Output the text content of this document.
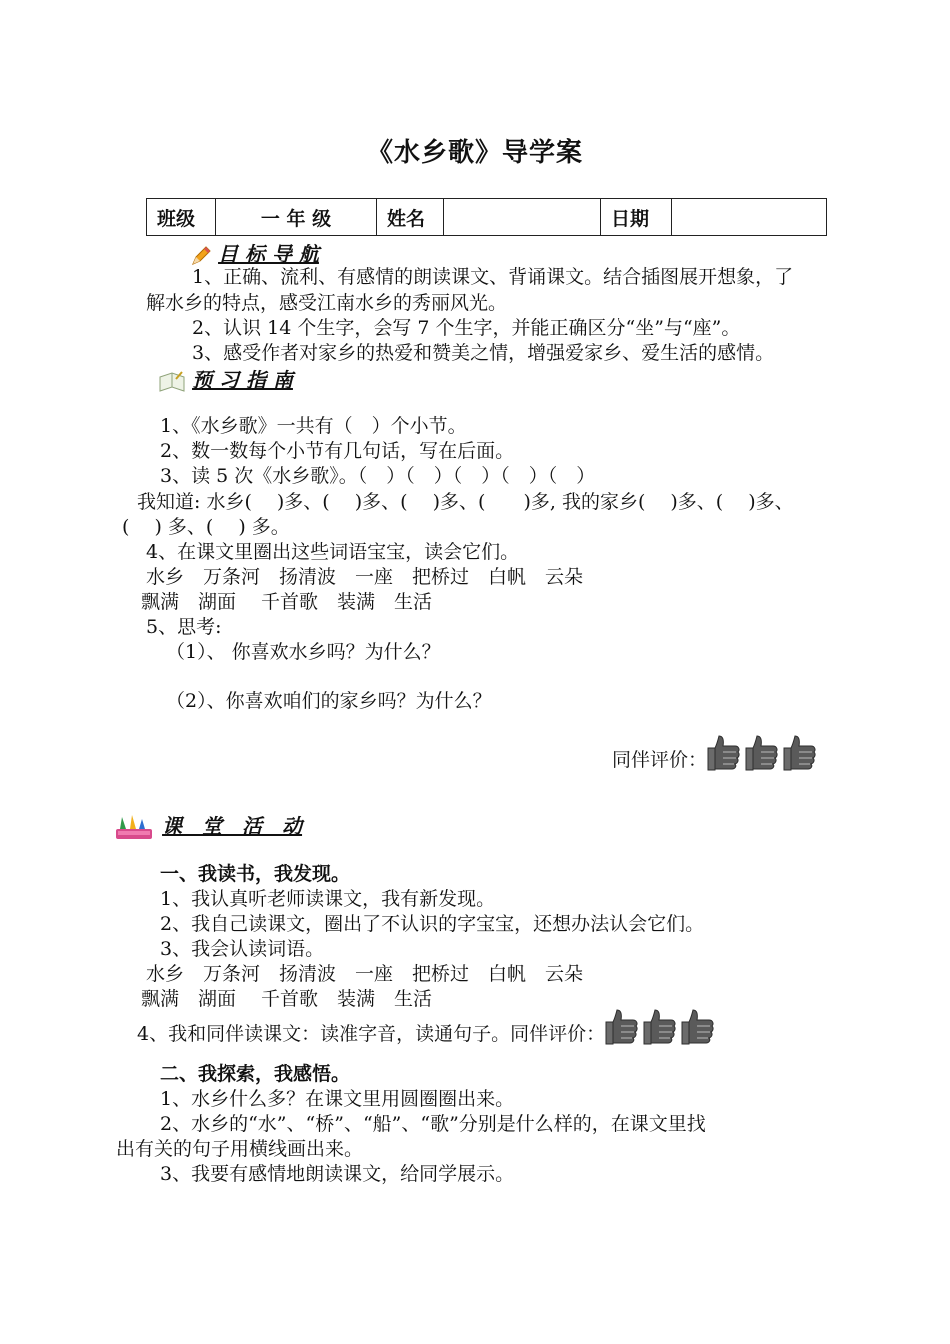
《水乡歌》导学案
班级	一 年 级	姓名		日期	
目 标 导 航
1、正确、流利、有感情的朗读课文、背诵课文。结合插图展开想象，了
解水乡的特点，感受江南水乡的秀丽风光。
2、认识 14 个生字，会写 7 个生字，并能正确区分“坐”与“座”。
3、感受作者对家乡的热爱和赞美之情，增强爱家乡、爱生活的感情。
预 习 指 南
1、《水乡歌》一共有（　）个小节。
2、数一数每个小节有几句话，写在后面。
3、读 5 次《水乡歌》。（　）（　）（　）（　）（　）
我知道: 水乡(　 )多、(　 )多、(　 )多、(　　)多, 我的家乡(　 )多、(　 )多、
(　 ) 多、(　 ) 多。
4、在课文里圈出这些词语宝宝，读会它们。
水乡　万条河　扬清波　一座　把桥过　白帆　云朵
飘满　湖面　 千首歌　装满　生活
5、思考:
（1）、 你喜欢水乡吗？为什么？
（2）、你喜欢咱们的家乡吗？为什么？
同伴评价：
课　堂　活　动
一、我读书，我发现。
1、我认真听老师读课文，我有新发现。
2、我自己读课文，圈出了不认识的字宝宝，还想办法认会它们。
3、我会认读词语。
水乡　万条河　扬清波　一座　把桥过　白帆　云朵
飘满　湖面　 千首歌　装满　生活
4、我和同伴读课文：读准字音，读通句子。同伴评价：
二、我探索，我感悟。
1、水乡什么多？在课文里用圆圈圈出来。
2、水乡的“水”、“桥”、“船”、“歌”分别是什么样的，在课文里找
出有关的句子用横线画出来。
3、我要有感情地朗读课文，给同学展示。
